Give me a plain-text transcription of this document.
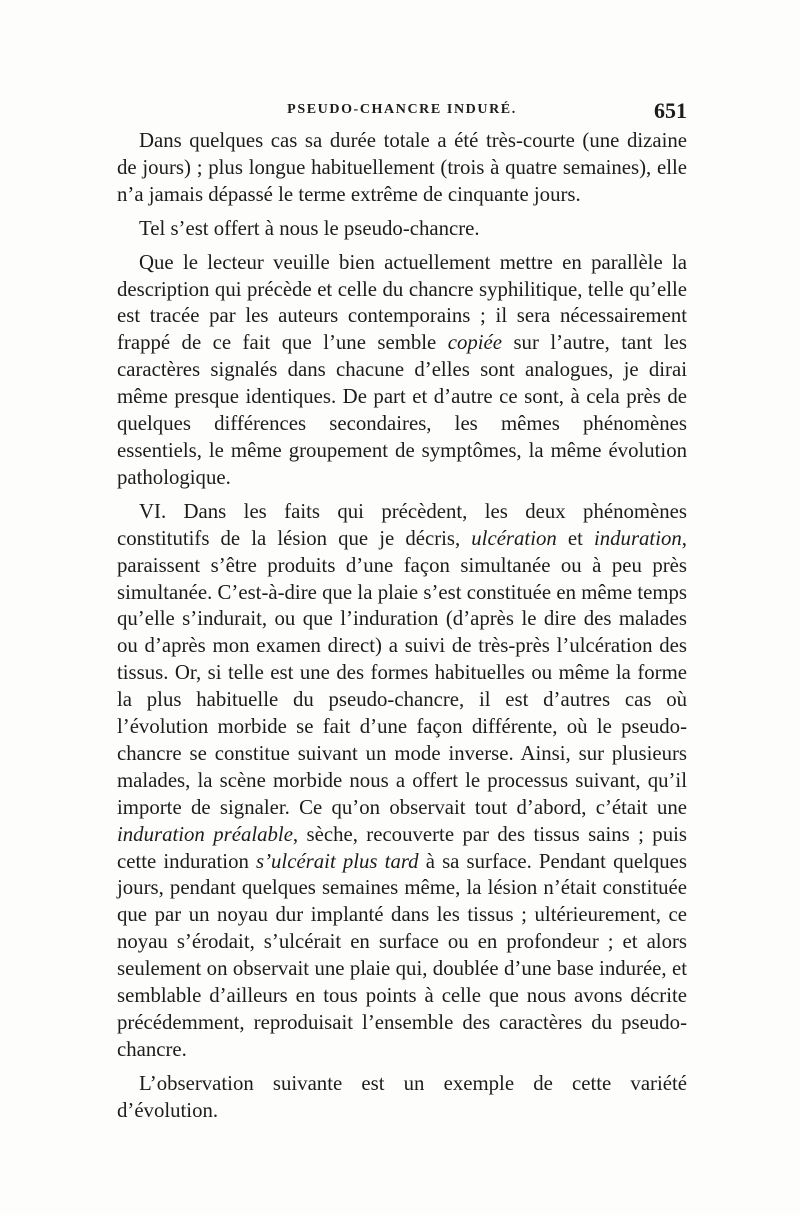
PSEUDO-CHANCRE INDURÉ.	651

Dans quelques cas sa durée totale a été très-courte (une dizaine de jours) ; plus longue habituellement (trois à quatre semaines), elle n’a jamais dépassé le terme extrême de cinquante jours.

Tel s’est offert à nous le pseudo-chancre.

Que le lecteur veuille bien actuellement mettre en parallèle la description qui précède et celle du chancre syphilitique, telle qu’elle est tracée par les auteurs contemporains ; il sera nécessairement frappé de ce fait que l’une semble copiée sur l’autre, tant les caractères signalés dans chacune d’elles sont analogues, je dirai même presque identiques. De part et d’autre ce sont, à cela près de quelques différences secondaires, les mêmes phénomènes essentiels, le même groupement de symptômes, la même évolution pathologique.

VI. Dans les faits qui précèdent, les deux phénomènes constitutifs de la lésion que je décris, ulcération et induration, paraissent s’être produits d’une façon simultanée ou à peu près simultanée. C’est-à-dire que la plaie s’est constituée en même temps qu’elle s’indurait, ou que l’induration (d’après le dire des malades ou d’après mon examen direct) a suivi de très-près l’ulcération des tissus. Or, si telle est une des formes habituelles ou même la forme la plus habituelle du pseudo-chancre, il est d’autres cas où l’évolution morbide se fait d’une façon différente, où le pseudo-chancre se constitue suivant un mode inverse. Ainsi, sur plusieurs malades, la scène morbide nous a offert le processus suivant, qu’il importe de signaler. Ce qu’on observait tout d’abord, c’était une induration préalable, sèche, recouverte par des tissus sains ; puis cette induration s’ulcérait plus tard à sa surface. Pendant quelques jours, pendant quelques semaines même, la lésion n’était constituée que par un noyau dur implanté dans les tissus ; ultérieurement, ce noyau s’érodait, s’ulcérait en surface ou en profondeur ; et alors seulement on observait une plaie qui, doublée d’une base indurée, et semblable d’ailleurs en tous points à celle que nous avons décrite précédemment, reproduisait l’ensemble des caractères du pseudo-chancre.

L’observation suivante est un exemple de cette variété d’évolution.
